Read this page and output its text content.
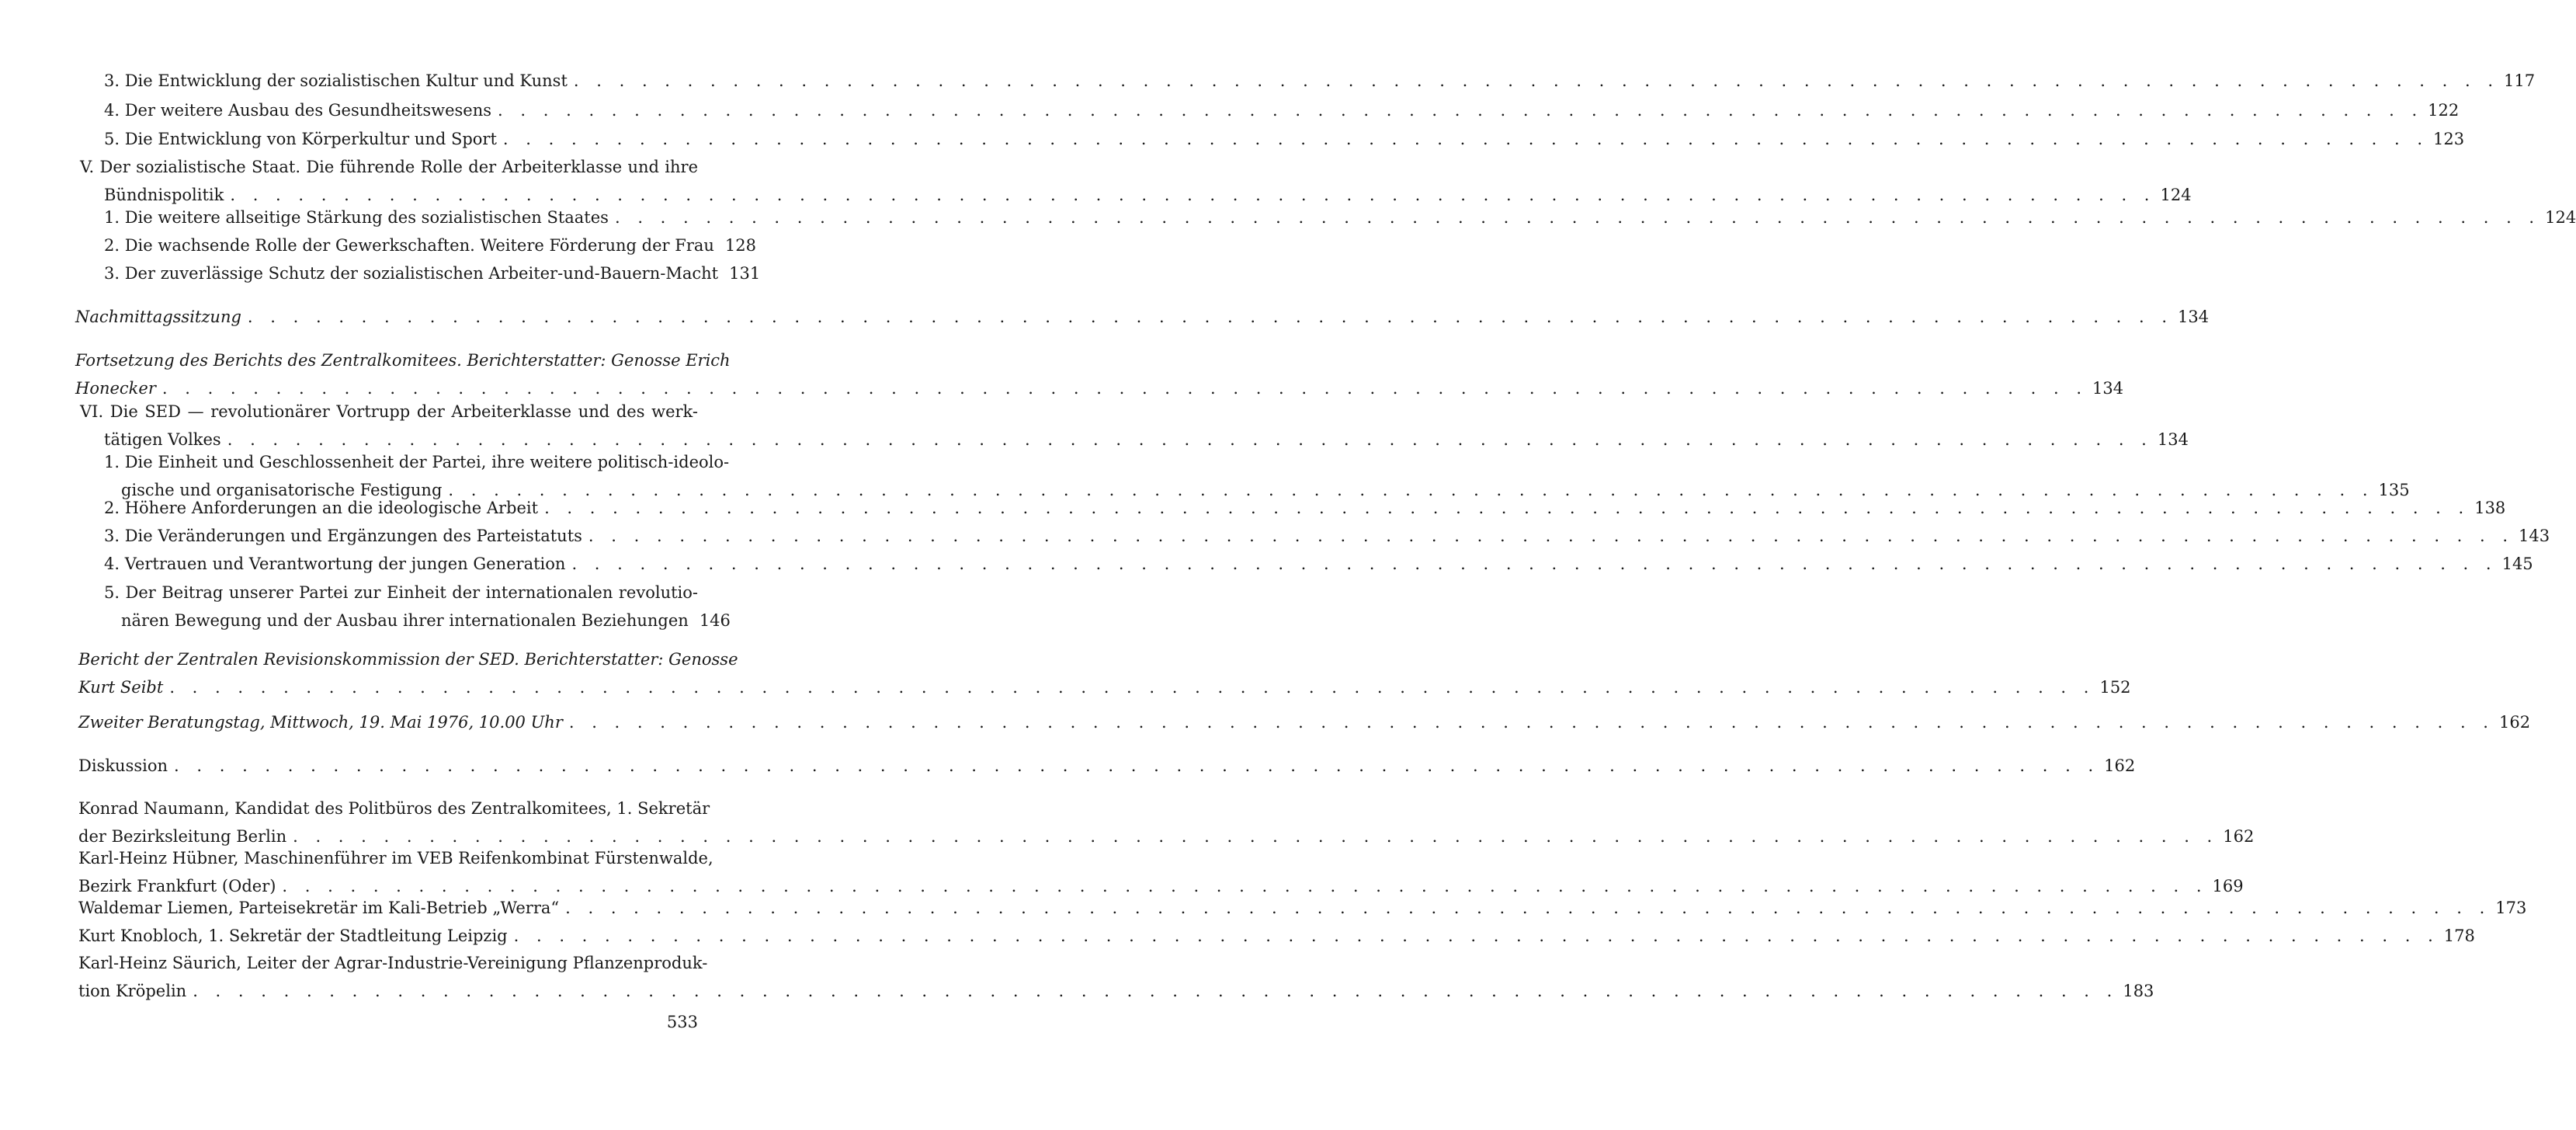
3. Die Entwicklung der sozialistischen Kultur und Kunst . . . . . . . . . . . . . . . . . . . . . . . . . . . . . . . . . . . . . . . . . . . . . . . . . . . . . . . . . . . . . . . . . . . . . . . . . . . . . . . . . . . . . 117
4. Der weitere Ausbau des Gesundheitswesens . . . . . . . . . . . . . . . . . . . . . . . . . . . . . . . . . . . . . . . . . . . . . . . . . . . . . . . . . . . . . . . . . . . . . . . . . . . . . . . . . . . . . 122
5. Die Entwicklung von Körperkultur und Sport . . . . . . . . . . . . . . . . . . . . . . . . . . . . . . . . . . . . . . . . . . . . . . . . . . . . . . . . . . . . . . . . . . . . . . . . . . . . . . . . . . . . . 123
V. Der sozialistische Staat. Die führende Rolle der Arbeiterklasse und ihre
Bündnispolitik . . . . . . . . . . . . . . . . . . . . . . . . . . . . . . . . . . . . . . . . . . . . . . . . . . . . . . . . . . . . . . . . . . . . . . . . . . . . . . . . . . . . . 124
1. Die weitere allseitige Stärkung des sozialistischen Staates . . . . . . . . . . . . . . . . . . . . . . . . . . . . . . . . . . . . . . . . . . . . . . . . . . . . . . . . . . . . . . . . . . . . . . . . . . . . . . . . . . . . . 124
2. Die wachsende Rolle der Gewerkschaften. Weitere Förderung der Frau 128
3. Der zuverlässige Schutz der sozialistischen Arbeiter-und-Bauern-Macht 131
Nachmittagssitzung . . . . . . . . . . . . . . . . . . . . . . . . . . . . . . . . . . . . . . . . . . . . . . . . . . . . . . . . . . . . . . . . . . . . . . . . . . . . . . . . . . . . . 134
Fortsetzung des Berichts des Zentralkomitees. Berichterstatter: Genosse Erich
Honecker . . . . . . . . . . . . . . . . . . . . . . . . . . . . . . . . . . . . . . . . . . . . . . . . . . . . . . . . . . . . . . . . . . . . . . . . . . . . . . . . . . . . . 134
VI. Die SED — revolutionärer Vortrupp der Arbeiterklasse und des werk-
tätigen Volkes . . . . . . . . . . . . . . . . . . . . . . . . . . . . . . . . . . . . . . . . . . . . . . . . . . . . . . . . . . . . . . . . . . . . . . . . . . . . . . . . . . . . . 134
1. Die Einheit und Geschlossenheit der Partei, ihre weitere politisch-ideolo-
gische und organisatorische Festigung . . . . . . . . . . . . . . . . . . . . . . . . . . . . . . . . . . . . . . . . . . . . . . . . . . . . . . . . . . . . . . . . . . . . . . . . . . . . . . . . . . . . . 135
2. Höhere Anforderungen an die ideologische Arbeit . . . . . . . . . . . . . . . . . . . . . . . . . . . . . . . . . . . . . . . . . . . . . . . . . . . . . . . . . . . . . . . . . . . . . . . . . . . . . . . . . . . . . 138
3. Die Veränderungen und Ergänzungen des Parteistatuts . . . . . . . . . . . . . . . . . . . . . . . . . . . . . . . . . . . . . . . . . . . . . . . . . . . . . . . . . . . . . . . . . . . . . . . . . . . . . . . . . . . . . 143
4. Vertrauen und Verantwortung der jungen Generation . . . . . . . . . . . . . . . . . . . . . . . . . . . . . . . . . . . . . . . . . . . . . . . . . . . . . . . . . . . . . . . . . . . . . . . . . . . . . . . . . . . . . 145
5. Der Beitrag unserer Partei zur Einheit der internationalen revolutio-
nären Bewegung und der Ausbau ihrer internationalen Beziehungen 146
Bericht der Zentralen Revisionskommission der SED. Berichterstatter: Genosse
Kurt Seibt . . . . . . . . . . . . . . . . . . . . . . . . . . . . . . . . . . . . . . . . . . . . . . . . . . . . . . . . . . . . . . . . . . . . . . . . . . . . . . . . . . . . . 152
Zweiter Beratungstag, Mittwoch, 19. Mai 1976, 10.00 Uhr . . . . . . . . . . . . . . . . . . . . . . . . . . . . . . . . . . . . . . . . . . . . . . . . . . . . . . . . . . . . . . . . . . . . . . . . . . . . . . . . . . . . . 162
Diskussion . . . . . . . . . . . . . . . . . . . . . . . . . . . . . . . . . . . . . . . . . . . . . . . . . . . . . . . . . . . . . . . . . . . . . . . . . . . . . . . . . . . . . 162
Konrad Naumann, Kandidat des Politbüros des Zentralkomitees, 1. Sekretär
der Bezirksleitung Berlin . . . . . . . . . . . . . . . . . . . . . . . . . . . . . . . . . . . . . . . . . . . . . . . . . . . . . . . . . . . . . . . . . . . . . . . . . . . . . . . . . . . . . 162
Karl-Heinz Hübner, Maschinenführer im VEB Reifenkombinat Fürstenwalde,
Bezirk Frankfurt (Oder) . . . . . . . . . . . . . . . . . . . . . . . . . . . . . . . . . . . . . . . . . . . . . . . . . . . . . . . . . . . . . . . . . . . . . . . . . . . . . . . . . . . . . 169
Waldemar Liemen, Parteisekretär im Kali-Betrieb „Werra“ . . . . . . . . . . . . . . . . . . . . . . . . . . . . . . . . . . . . . . . . . . . . . . . . . . . . . . . . . . . . . . . . . . . . . . . . . . . . . . . . . . . . . 173
Kurt Knobloch, 1. Sekretär der Stadtleitung Leipzig . . . . . . . . . . . . . . . . . . . . . . . . . . . . . . . . . . . . . . . . . . . . . . . . . . . . . . . . . . . . . . . . . . . . . . . . . . . . . . . . . . . . . 178
Karl-Heinz Säurich, Leiter der Agrar-Industrie-Vereinigung Pflanzenproduk-
tion Kröpelin . . . . . . . . . . . . . . . . . . . . . . . . . . . . . . . . . . . . . . . . . . . . . . . . . . . . . . . . . . . . . . . . . . . . . . . . . . . . . . . . . . . . . 183
533
